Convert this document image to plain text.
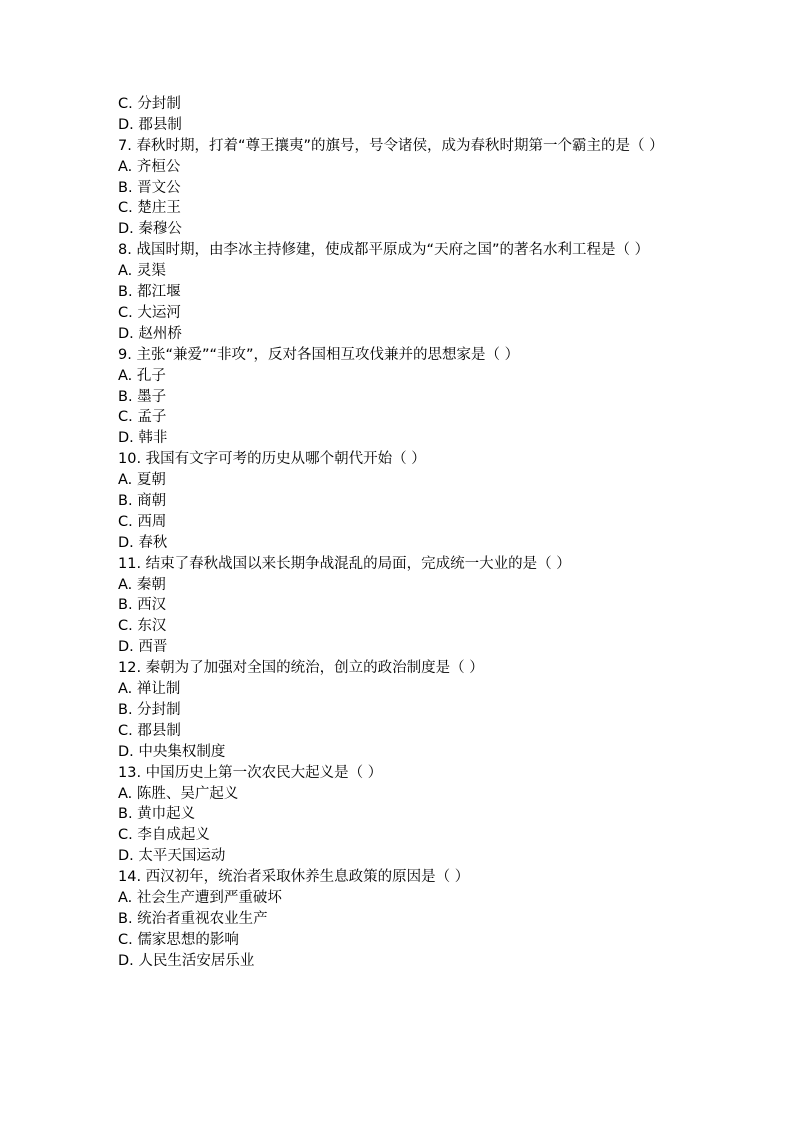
C. 分封制
D. 郡县制
7. 春秋时期，打着“尊王攘夷”的旗号，号令诸侯，成为春秋时期第一个霸主的是（ ）
A. 齐桓公
B. 晋文公
C. 楚庄王
D. 秦穆公
8. 战国时期，由李冰主持修建，使成都平原成为“天府之国”的著名水利工程是（ ）
A. 灵渠
B. 都江堰
C. 大运河
D. 赵州桥
9. 主张“兼爱”“非攻”，反对各国相互攻伐兼并的思想家是（ ）
A. 孔子
B. 墨子
C. 孟子
D. 韩非
10. 我国有文字可考的历史从哪个朝代开始（ ）
A. 夏朝
B. 商朝
C. 西周
D. 春秋
11. 结束了春秋战国以来长期争战混乱的局面，完成统一大业的是（ ）
A. 秦朝
B. 西汉
C. 东汉
D. 西晋
12. 秦朝为了加强对全国的统治，创立的政治制度是（ ）
A. 禅让制
B. 分封制
C. 郡县制
D. 中央集权制度
13. 中国历史上第一次农民大起义是（ ）
A. 陈胜、吴广起义
B. 黄巾起义
C. 李自成起义
D. 太平天国运动
14. 西汉初年，统治者采取休养生息政策的原因是（ ）
A. 社会生产遭到严重破坏
B. 统治者重视农业生产
C. 儒家思想的影响
D. 人民生活安居乐业
